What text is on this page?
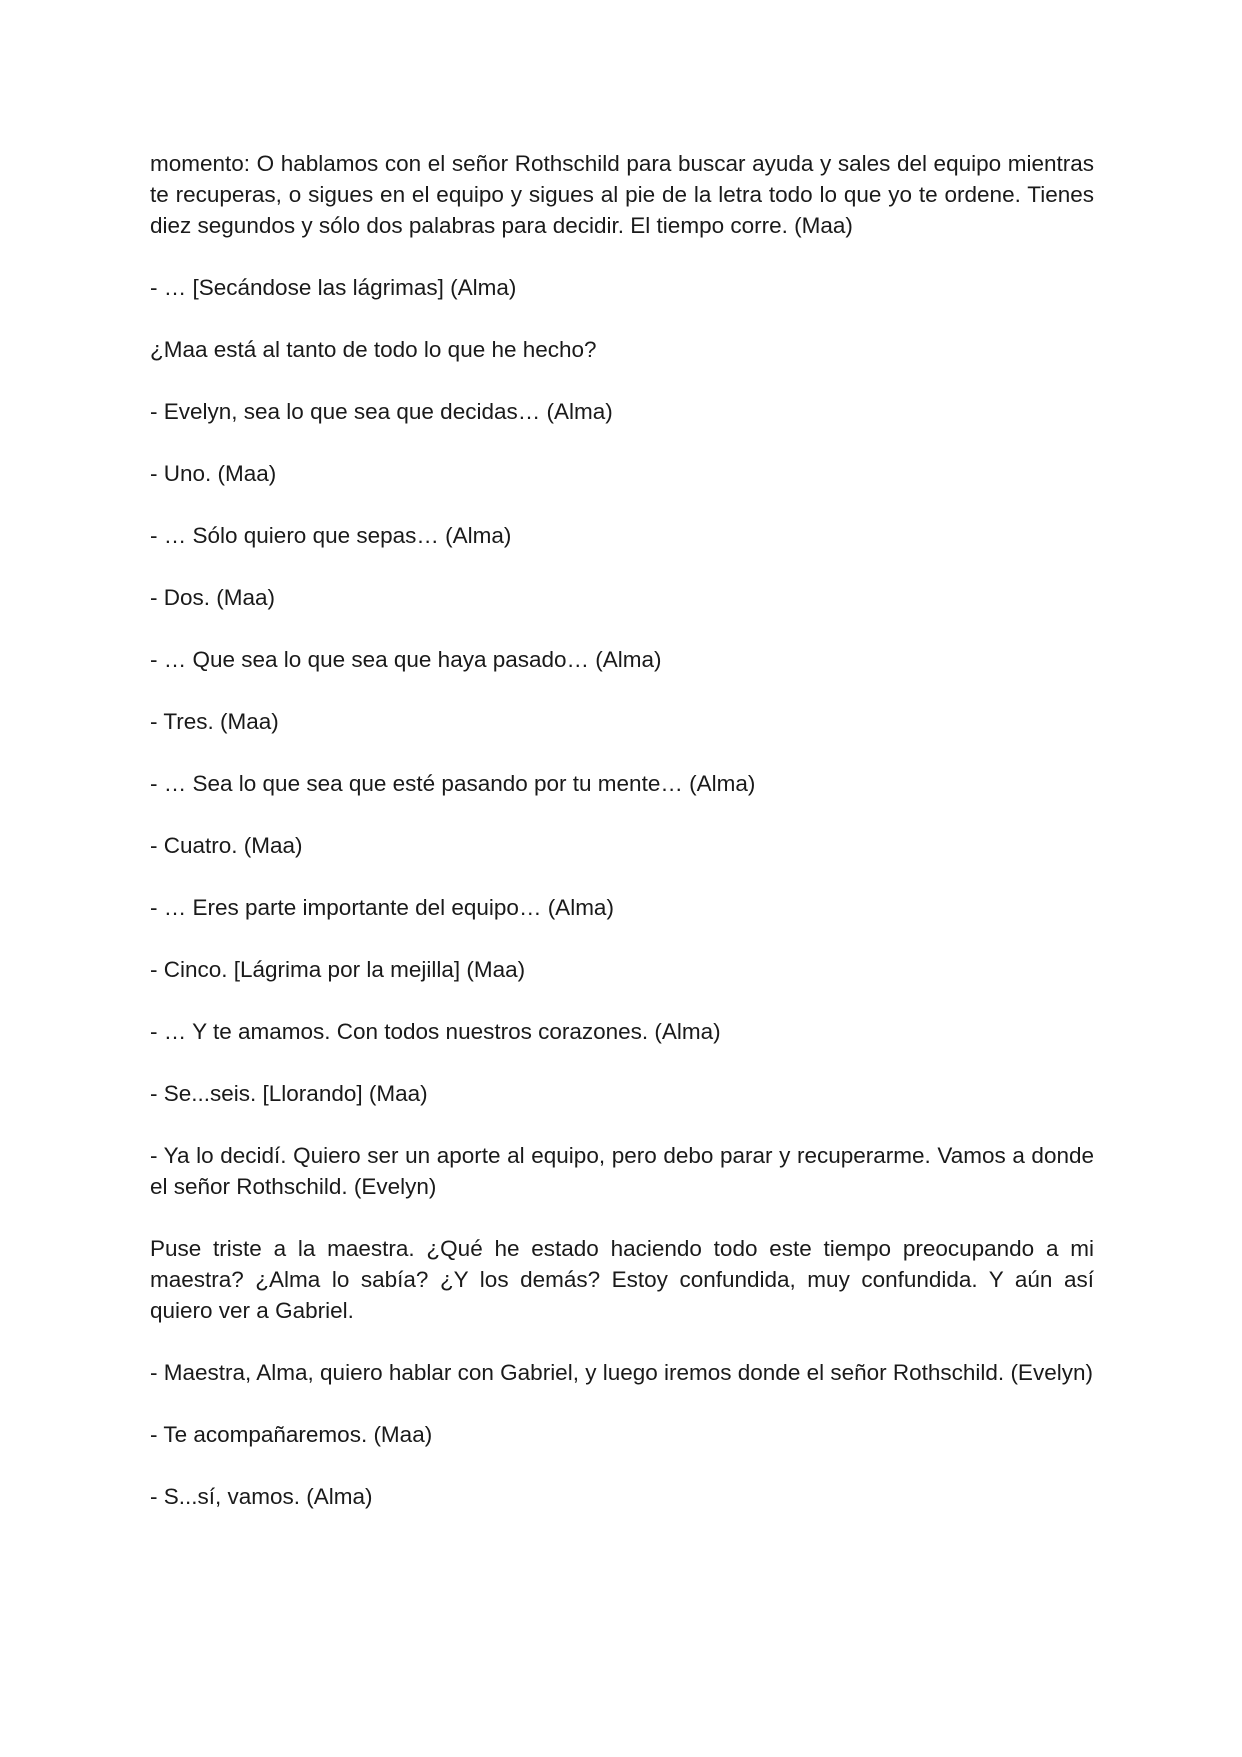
momento: O hablamos con el señor Rothschild para buscar ayuda y sales del equipo mientras te recuperas, o sigues en el equipo y sigues al pie de la letra todo lo que yo te ordene. Tienes diez segundos y sólo dos palabras para decidir. El tiempo corre. (Maa)

- … [Secándose las lágrimas] (Alma)

¿Maa está al tanto de todo lo que he hecho?

- Evelyn, sea lo que sea que decidas… (Alma)

- Uno. (Maa)

- … Sólo quiero que sepas… (Alma)

- Dos. (Maa)

- … Que sea lo que sea que haya pasado… (Alma)

- Tres. (Maa)

- … Sea lo que sea que esté pasando por tu mente… (Alma)

- Cuatro. (Maa)

- … Eres parte importante del equipo… (Alma)

- Cinco. [Lágrima por la mejilla] (Maa)

- … Y te amamos. Con todos nuestros corazones. (Alma)

- Se...seis. [Llorando] (Maa)

- Ya lo decidí. Quiero ser un aporte al equipo, pero debo parar y recuperarme. Vamos a donde el señor Rothschild. (Evelyn)

Puse triste a la maestra. ¿Qué he estado haciendo todo este tiempo preocupando a mi maestra? ¿Alma lo sabía? ¿Y los demás? Estoy confundida, muy confundida. Y aún así quiero ver a Gabriel.

- Maestra, Alma, quiero hablar con Gabriel, y luego iremos donde el señor Rothschild. (Evelyn)

- Te acompañaremos. (Maa)

- S...sí, vamos. (Alma)
